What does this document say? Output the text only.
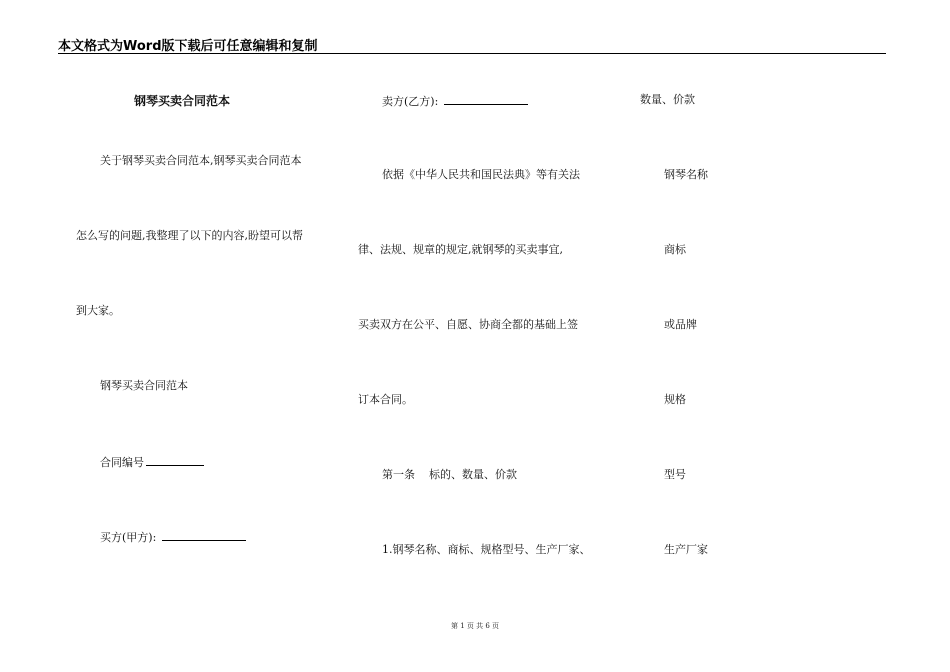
本文格式为Word版下载后可任意编辑和复制
钢琴买卖合同范本
关于钢琴买卖合同范本,钢琴买卖合同范本
怎么写的问题,我整理了以下的内容,盼望可以帮
到大家。
钢琴买卖合同范本
合同编号
买方(甲方):
卖方(乙方):
依据《中华人民共和国民法典》等有关法
律、法规、规章的规定,就钢琴的买卖事宜,
买卖双方在公平、自愿、协商全都的基础上签
订本合同。
第一条 标的、数量、价款
1.钢琴名称、商标、规格型号、生产厂家、
数量、价款
钢琴名称
商标
或品牌
规格
型号
生产厂家
第 1 页 共 6 页
